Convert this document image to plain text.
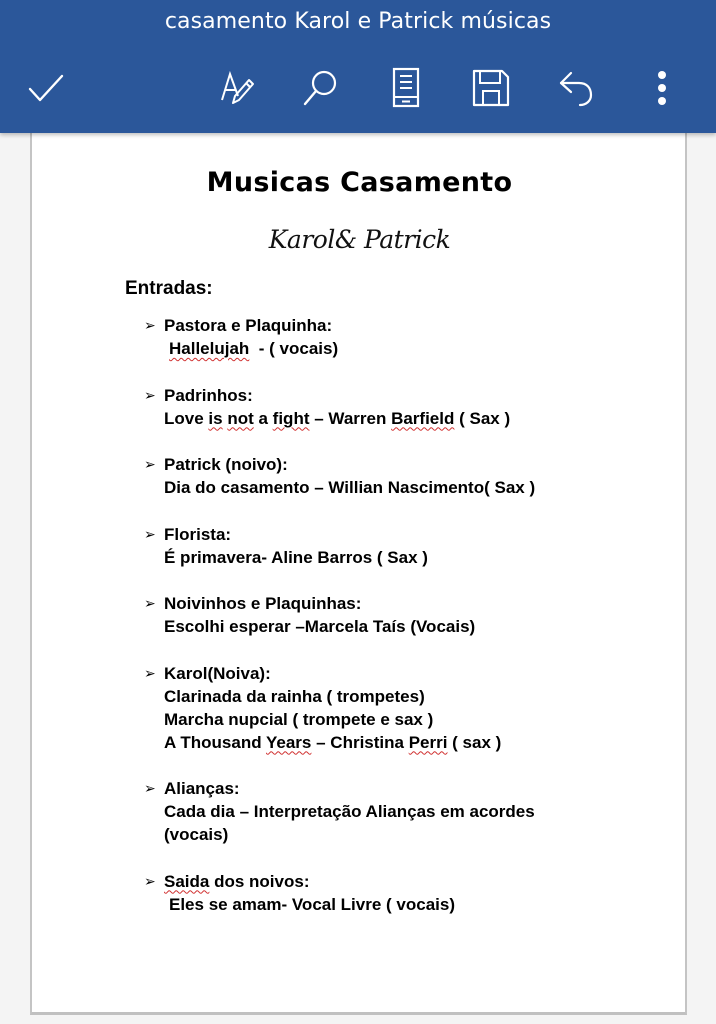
casamento Karol e Patrick músicas
Musicas Casamento
Karol& Patrick
Entradas:
➢ Pastora e Plaquinha:
Hallelujah  - ( vocais)
➢ Padrinhos:
Love is not a fight – Warren Barfield ( Sax )
➢ Patrick (noivo):
Dia do casamento – Willian Nascimento( Sax )
➢ Florista:
É primavera- Aline Barros ( Sax )
➢ Noivinhos e Plaquinhas:
Escolhi esperar –Marcela Taís (Vocais)
➢ Karol(Noiva):
Clarinada da rainha ( trompetes)
Marcha nupcial ( trompete e sax )
A Thousand Years – Christina Perri ( sax )
➢ Alianças:
Cada dia – Interpretação Alianças em acordes
(vocais)
➢ Saida dos noivos:
Eles se amam- Vocal Livre ( vocais)
